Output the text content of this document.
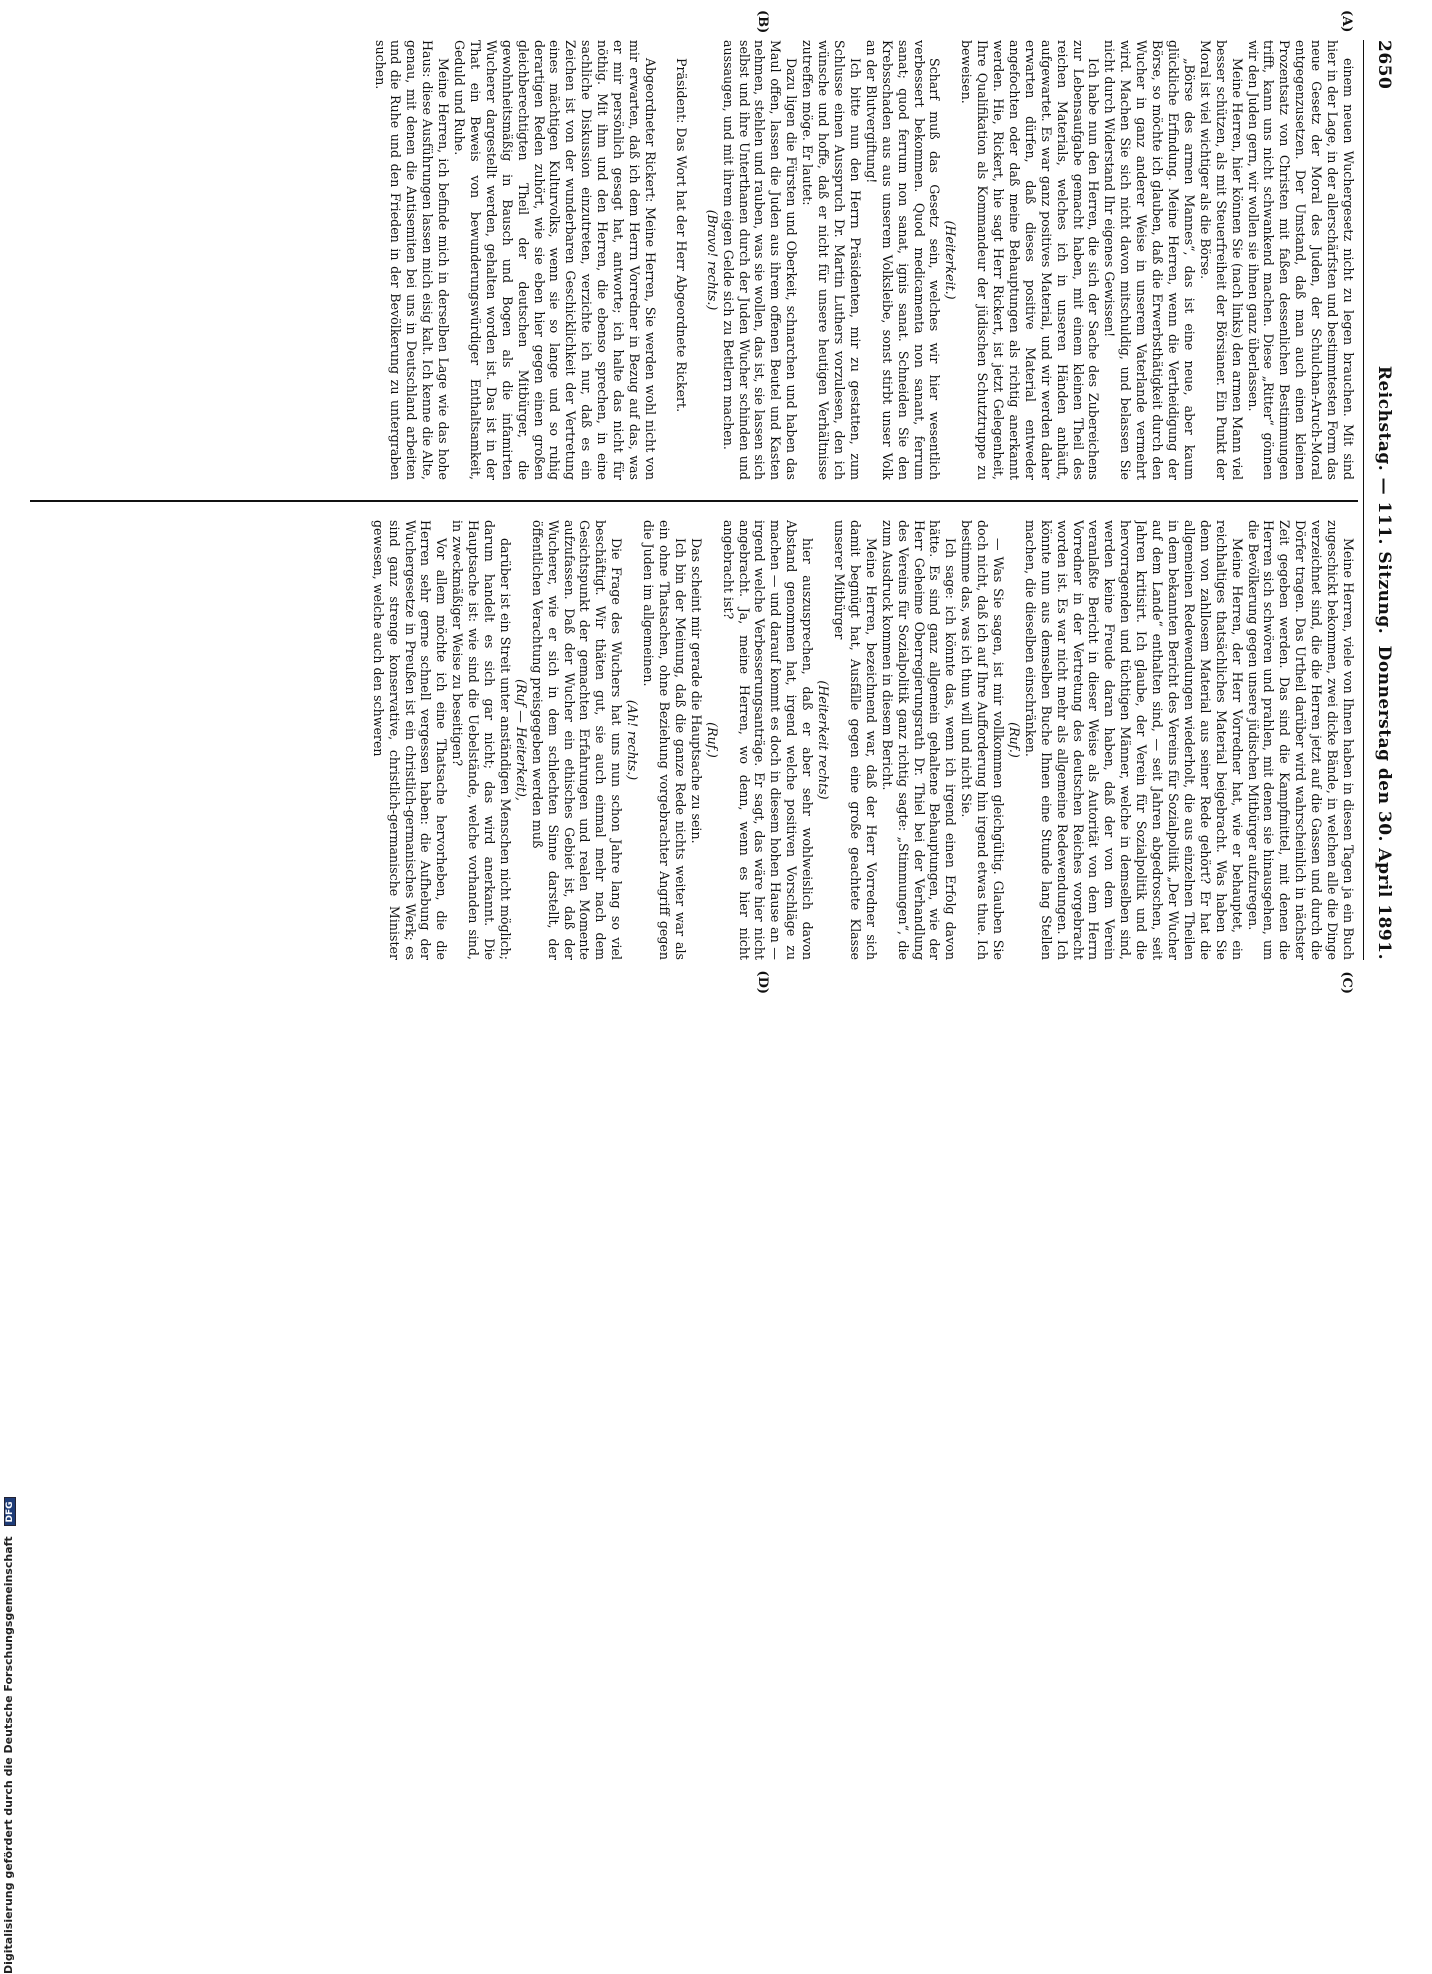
2650
Reichstag. — 111. Sitzung.
Donnerstag den 30. April 1891.
(A)
(B)
(C)
(D)

einem neuen Wuchergesetz nicht zu legen brauchen. Mit sind hier in der Lage, in der allerschärfsten und bestimmtesten Form das neue Gesetz der Moral des Juden, der Schulchan-Aruch-Moral entgegenzusetzen. Der Umstand, daß man auch einen kleinen Prozentsatz von Christen mit faßen dessenlichen Bestimmungen trifft, kann uns nicht schwankend machen. Diese „Ritter“ gönnen wir den Juden gern, wir wollen sie ihnen ganz überlassen.

Meine Herren, hier können Sie (nach links) den armen Mann viel besser schützen, als mit Steuerfreiheit der Börsianer. Ein Punkt der Moral ist viel wichtiger als die Börse.

„Börse des armen Mannes“, das ist eine neue, aber kaum glückliche Erfindung. Meine Herren, wenn die Vertheidigung der Börse, so möchte ich glauben, daß die Erwerbsthätigkeit durch den Wucher in ganz anderer Weise in unserem Vaterlande vermehrt wird. Machen Sie sich nicht davon mitschuldig, und belassen Sie nicht durch Widerstand Ihr eigenes Gewissen!

Ich habe nun den Herren, die sich der Sache des Zubereichens zur Lebensaufgabe gemacht haben, mit einem kleinen Theil des reichen Materials, welches ich in unseren Händen anhäuft, aufgewartet. Es war ganz positives Material, und wir werden daher erwarten dürfen, daß dieses positive Material entweder angefochten oder daß meine Behauptungen als richtig anerkannt werden. Hie, Rickert, hie sagt Herr Rickert, ist jetzt Gelegenheit, Ihre Qualifikation als Kommandeur der jüdischen Schutztruppe zu beweisen.

(Heiterkeit.)

Scharf muß das Gesetz sein, welches wir hier wesentlich verbessert bekommen. Quod medicamenta non sanant, ferrum sanat; quod ferrum non sanat, ignis sanat. Schneiden Sie den Krebsschaden aus aus unserem Volksleibe, sonst stirbt unser Volk an der Blutvergiftung!

Ich bitte nun den Herrn Präsidenten, mir zu gestatten, zum Schlusse einen Ausspruch Dr. Martin Luthers vorzulesen, den ich wünsche und hoffe, daß er nicht für unsere heutigen Verhältnisse zutreffen möge. Er lautet:

Dazu ligen die Fürsten und Oberkeit, schnarchen und haben das Maul offen, lassen die Juden aus ihrem offenen Beutel und Kasten nehmen, stehlen und rauben, was sie wollen, das ist, sie lassen sich selbst und ihre Unterthanen durch der Juden Wucher schinden und aussaugen, und mit ihrem eigen Gelde sich zu Bettlern machen.

(Bravo! rechts.)

Präsident: Das Wort hat der Herr Abgeordnete Rickert.

Abgeordneter Rickert: Meine Herren, Sie werden wohl nicht von mir erwarten, daß ich dem Herrn Vorredner in Bezug auf das, was er mir persönlich gesagt hat, antworte; ich halte das nicht für nöthig. Mit ihm und den Herren, die ebenso sprechen, in eine sachliche Diskussion einzutreten, verzichte ich nur, daß es ein Zeichen ist von der wunderbaren Geschicklichkeit der Vertretung eines mächtigen Kulturvolks, wenn sie so lange und so ruhig derartigen Reden zuhört, wie sie eben hier gegen einen großen gleichberechtigten Theil der deutschen Mitbürger, die gewohnheitsmäßig in Bausch und Bogen als die infamirten Wucherer dargestellt werden, gehalten worden ist. Das ist in der That ein Beweis von bewunderungswürdiger Enthaltsamkeit, Geduld und Ruhe.

Meine Herren, ich befinde mich in derselben Lage wie das hohe Haus: diese Ausführungen lassen mich eisig kalt. Ich kenne die Alte, genau, mit denen die Antisemiten bei uns in Deutschland arbeiten und die Ruhe und den Frieden in der Bevölkerung zu untergraben suchen.

Meine Herren, viele von Ihnen haben in diesen Tagen ja ein Buch zugeschickt bekommen, zwei dicke Bände, in welchen alle die Dinge verzeichnet sind, die die Herren jetzt auf die Gassen und durch die Dörfer tragen. Das Urtheil darüber wird wahrscheinlich in nächster Zeit gegeben werden. Das sind die Kampfmittel, mit denen die Herren sich schwören und prahlen, mit denen sie hinausgehen, um die Bevölkerung gegen unsere jüdischen Mitbürger aufzuregen.

Meine Herren, der Herr Vorredner hat, wie er behauptet, ein reichhaltiges thatsächliches Material beigebracht. Was haben Sie denn von zahllosem Material aus seiner Rede gehört? Er hat die allgemeinen Redewendungen wiederholt, die aus einzelnen Theilen in dem bekannten Bericht des Vereins für Sozialpolitik „Der Wucher auf dem Lande“ enthalten sind, — seit Jahren abgedroschen, seit Jahren kritisirt. Ich glaube, der Verein für Sozialpolitik und die hervorragenden und tüchtigen Männer, welche in demselben sind, werden keine Freude daran haben, daß der von dem Verein veranlaßte Bericht in dieser Weise als Autorität von dem Herrn Vorredner in der Vertretung des deutschen Reiches vorgebracht worden ist. Es war nicht mehr als allgemeine Redewendungen. Ich könnte nun aus demselben Buche Ihnen eine Stunde lang Stellen machen, die dieselben einschränken.

(Ruf.)

— Was Sie sagen, ist mir vollkommen gleichgültig. Glauben Sie doch nicht, daß ich auf Ihre Aufforderung hin irgend etwas thue. Ich bestimme das, was ich thun will und nicht Sie.

Ich sage: ich könnte das, wenn ich irgend einen Erfolg davon hätte. Es sind ganz allgemein gehaltene Behauptungen, wie der Herr Geheime Oberregierungsrath Dr. Thiel bei der Verhandlung des Vereins für Sozialpolitik ganz richtig sagte: „Stimmungen“, die zum Ausdruck kommen in diesem Bericht.

Meine Herren, bezeichnend war, daß der Herr Vorredner sich damit begnügt hat, Ausfälle gegen eine große geachtete Klasse unserer Mitbürger

(Heiterkeit rechts)

hier auszusprechen, daß er aber sehr wohlweislich davon Abstand genommen hat, irgend welche positiven Vorschläge zu machen — und darauf kommt es doch in diesem hohen Hause an — irgend welche Verbesserungsanträge. Er sagt, das wäre hier nicht angebracht. Ja, meine Herren, wo denn, wenn es hier nicht angebracht ist?

(Ruf.)

Das scheint mir gerade die Hauptsache zu sein.

Ich bin der Meinung, daß die ganze Rede nichts weiter war als ein ohne Thatsachen, ohne Beziehung vorgebrachter Angriff gegen die Juden im allgemeinen.

(Ah! rechts.)

Die Frage des Wuchers hat uns nun schon Jahre lang so viel beschäftigt. Wir thäten gut, sie auch einmal mehr nach dem Gesichtspunkt der gemachten Erfahrungen und realen Momente aufzufassen. Daß der Wucher ein ethisches Gebiet ist, daß der Wucherer, wie er sich in dem schlechten Sinne darstellt, der öffentlichen Verachtung preisgegeben werden muß

(Ruf — Heiterkeit),

darüber ist ein Streit unter anständigen Menschen nicht möglich; darum handelt es sich gar nicht; das wird anerkannt. Die Hauptsache ist: wie sind die Uebelstände, welche vorhanden sind, in zweckmäßiger Weise zu beseitigen?

Vor allem möchte ich eine Thatsache hervorheben, die die Herren sehr gerne schnell vergessen haben: die Aufhebung der Wuchergesetze in Preußen ist ein christlich-germanisches Werk; es sind ganz strenge konservative, christlich-germanische Minister gewesen, welche auch den schweren

Digitalisierung gefördert durch die Deutsche Forschungsgemeinschaft DFG
